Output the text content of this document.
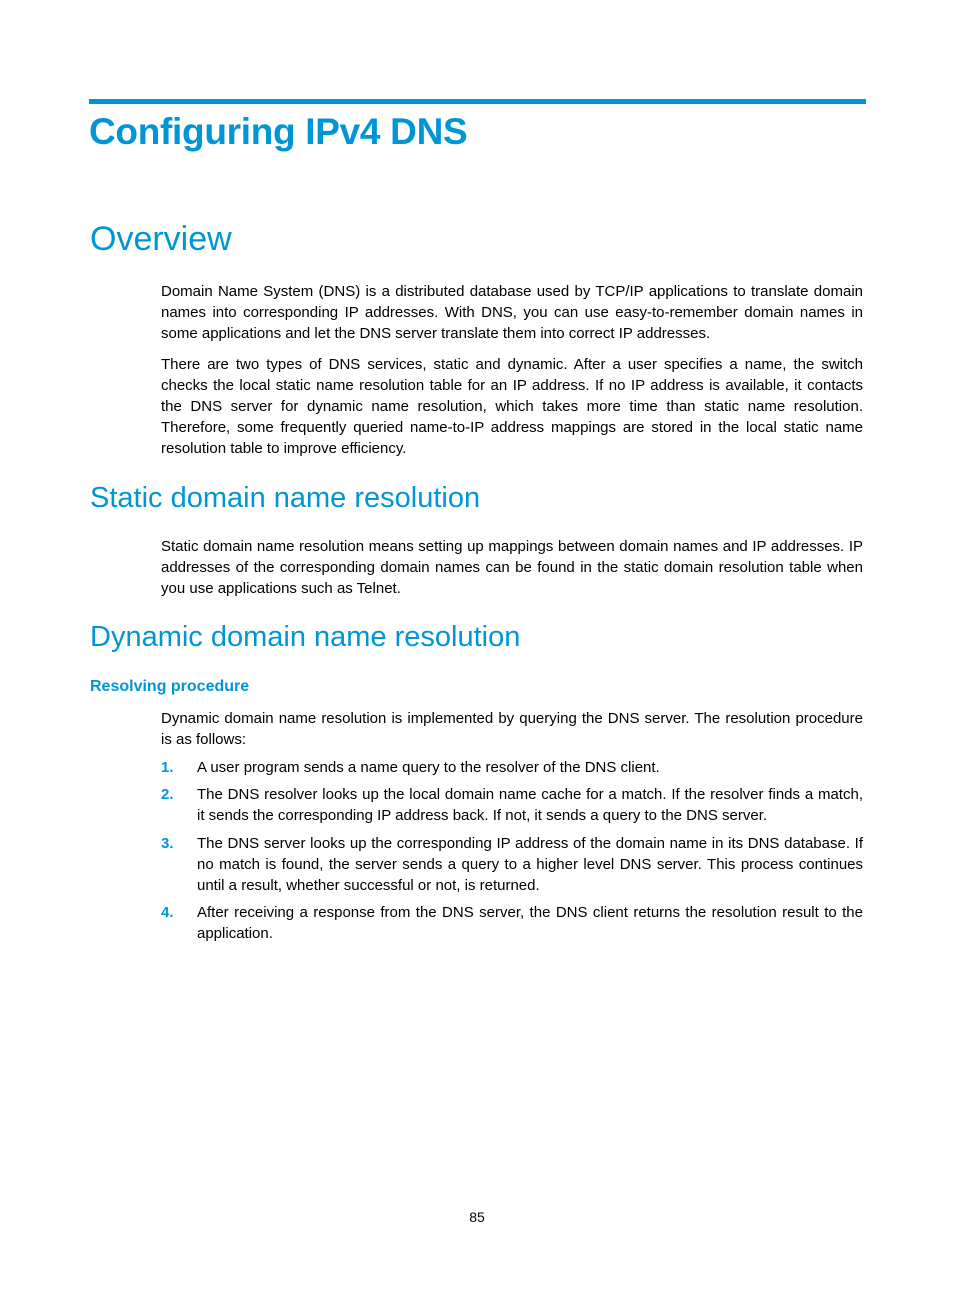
Configuring IPv4 DNS
Overview

Domain Name System (DNS) is a distributed database used by TCP/IP applications to translate domain names into corresponding IP addresses. With DNS, you can use easy-to-remember domain names in some applications and let the DNS server translate them into correct IP addresses.

There are two types of DNS services, static and dynamic. After a user specifies a name, the switch checks the local static name resolution table for an IP address. If no IP address is available, it contacts the DNS server for dynamic name resolution, which takes more time than static name resolution. Therefore, some frequently queried name-to-IP address mappings are stored in the local static name resolution table to improve efficiency.

Static domain name resolution

Static domain name resolution means setting up mappings between domain names and IP addresses. IP addresses of the corresponding domain names can be found in the static domain resolution table when you use applications such as Telnet.

Dynamic domain name resolution
Resolving procedure

Dynamic domain name resolution is implemented by querying the DNS server. The resolution procedure is as follows:

1.	A user program sends a name query to the resolver of the DNS client.
2.	The DNS resolver looks up the local domain name cache for a match. If the resolver finds a match, it sends the corresponding IP address back. If not, it sends a query to the DNS server.
3.	The DNS server looks up the corresponding IP address of the domain name in its DNS database. If no match is found, the server sends a query to a higher level DNS server. This process continues until a result, whether successful or not, is returned.
4.	After receiving a response from the DNS server, the DNS client returns the resolution result to the application.
85
